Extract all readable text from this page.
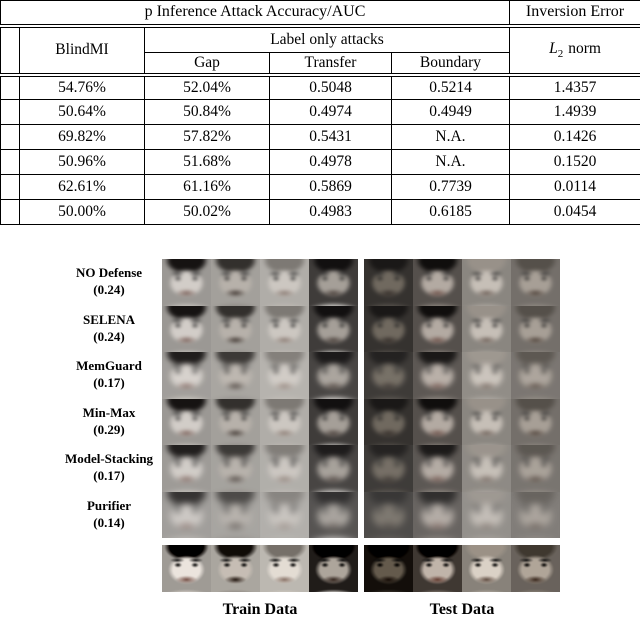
p Inference Attack Accuracy/AUC					Inversion Error
	BlindMI	Label only attacks			$L_2$ norm
		Gap	Transfer	Boundary	
	54.76%	52.04%	0.5048	0.5214	1.4357
	50.64%	50.84%	0.4974	0.4949	1.4939
	69.82%	57.82%	0.5431	N.A.	0.1426
	50.96%	51.68%	0.4978	N.A.	0.1520
	62.61%	61.16%	0.5869	0.7739	0.0114
	50.00%	50.02%	0.4983	0.6185	0.0454
NO Defense
(0.24)
SELENA
(0.24)
MemGuard
(0.17)
Min-Max
(0.29)
Model-Stacking
(0.17)
Purifier
(0.14)
Train Data	Test Data
